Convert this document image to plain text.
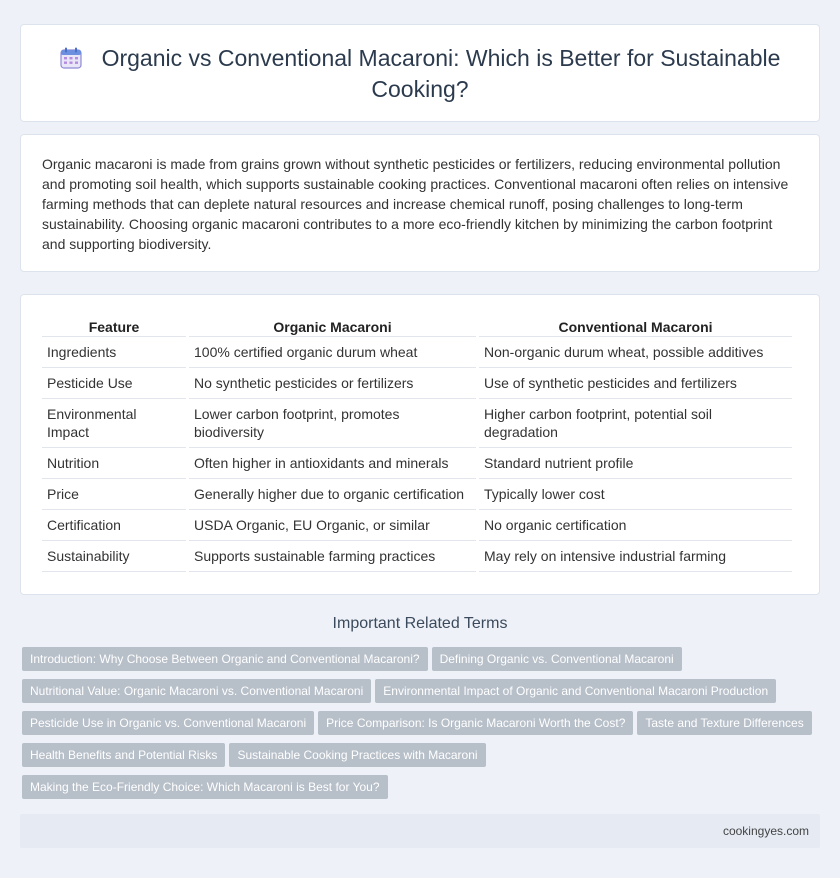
Organic vs Conventional Macaroni: Which is Better for Sustainable Cooking?

Organic macaroni is made from grains grown without synthetic pesticides or fertilizers, reducing environmental pollution and promoting soil health, which supports sustainable cooking practices. Conventional macaroni often relies on intensive farming methods that can deplete natural resources and increase chemical runoff, posing challenges to long-term sustainability. Choosing organic macaroni contributes to a more eco-friendly kitchen by minimizing the carbon footprint and supporting biodiversity.

Feature	Organic Macaroni	Conventional Macaroni
Ingredients	100% certified organic durum wheat	Non-organic durum wheat, possible additives
Pesticide Use	No synthetic pesticides or fertilizers	Use of synthetic pesticides and fertilizers
Environmental Impact	Lower carbon footprint, promotes biodiversity	Higher carbon footprint, potential soil degradation
Nutrition	Often higher in antioxidants and minerals	Standard nutrient profile
Price	Generally higher due to organic certification	Typically lower cost
Certification	USDA Organic, EU Organic, or similar	No organic certification
Sustainability	Supports sustainable farming practices	May rely on intensive industrial farming
Important Related Terms
Introduction: Why Choose Between Organic and Conventional Macaroni? Defining Organic vs. Conventional MacaroniNutritional Value: Organic Macaroni vs. Conventional Macaroni Environmental Impact of Organic and Conventional Macaroni ProductionPesticide Use in Organic vs. Conventional Macaroni Price Comparison: Is Organic Macaroni Worth the Cost? Taste and Texture DifferencesHealth Benefits and Potential Risks Sustainable Cooking Practices with MacaroniMaking the Eco-Friendly Choice: Which Macaroni is Best for You?
cookingyes.com
